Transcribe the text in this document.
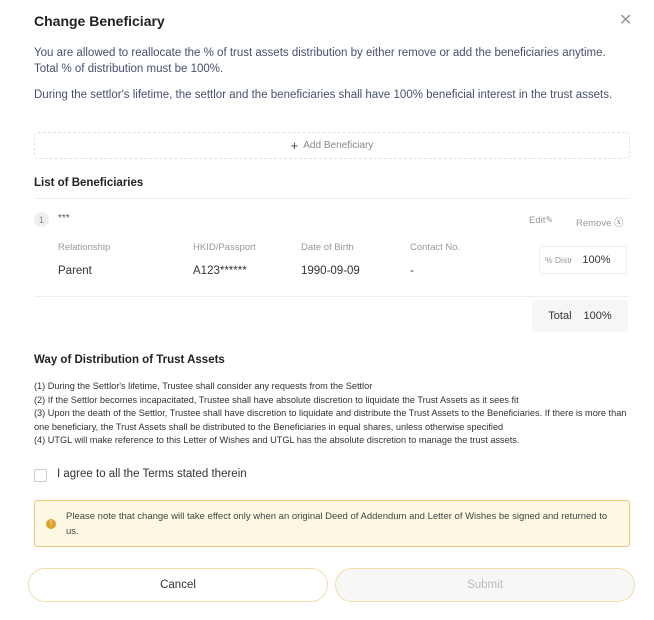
Change Beneficiary	✕
You are allowed to reallocate the % of trust assets distribution by either remove or add the beneficiaries anytime. Total % of distribution must be 100%.
During the settlor's lifetime, the settlor and the beneficiaries shall have 100% beneficial interest in the trust assets.
+ Add Beneficiary
List of Beneficiaries
1	***	Edit✎ Remove ⓧ
Relationship	HKID/Passport	Date of Birth	Contact No.
Parent	A123******	1990-09-09	-
% Distr 100%
Total 100%
Way of Distribution of Trust Assets
(1) During the Settlor's lifetime, Trustee shall consider any requests from the Settlor
(2) If the Settlor becomes incapacitated, Trustee shall have absolute discretion to liquidate the Trust Assets as it sees fit
(3) Upon the death of the Settlor, Trustee shall have discretion to liquidate and distribute the Trust Assets to the Beneficiaries. If there is more than one beneficiary, the Trust Assets shall be distributed to the Beneficiaries in equal shares, unless otherwise specified
(4) UTGL will make reference to this Letter of Wishes and UTGL has the absolute discretion to manage the trust assets.
I agree to all the Terms stated therein
!
Please note that change will take effect only when an original Deed of Addendum and Letter of Wishes be signed and returned to us.
Cancel	Submit
